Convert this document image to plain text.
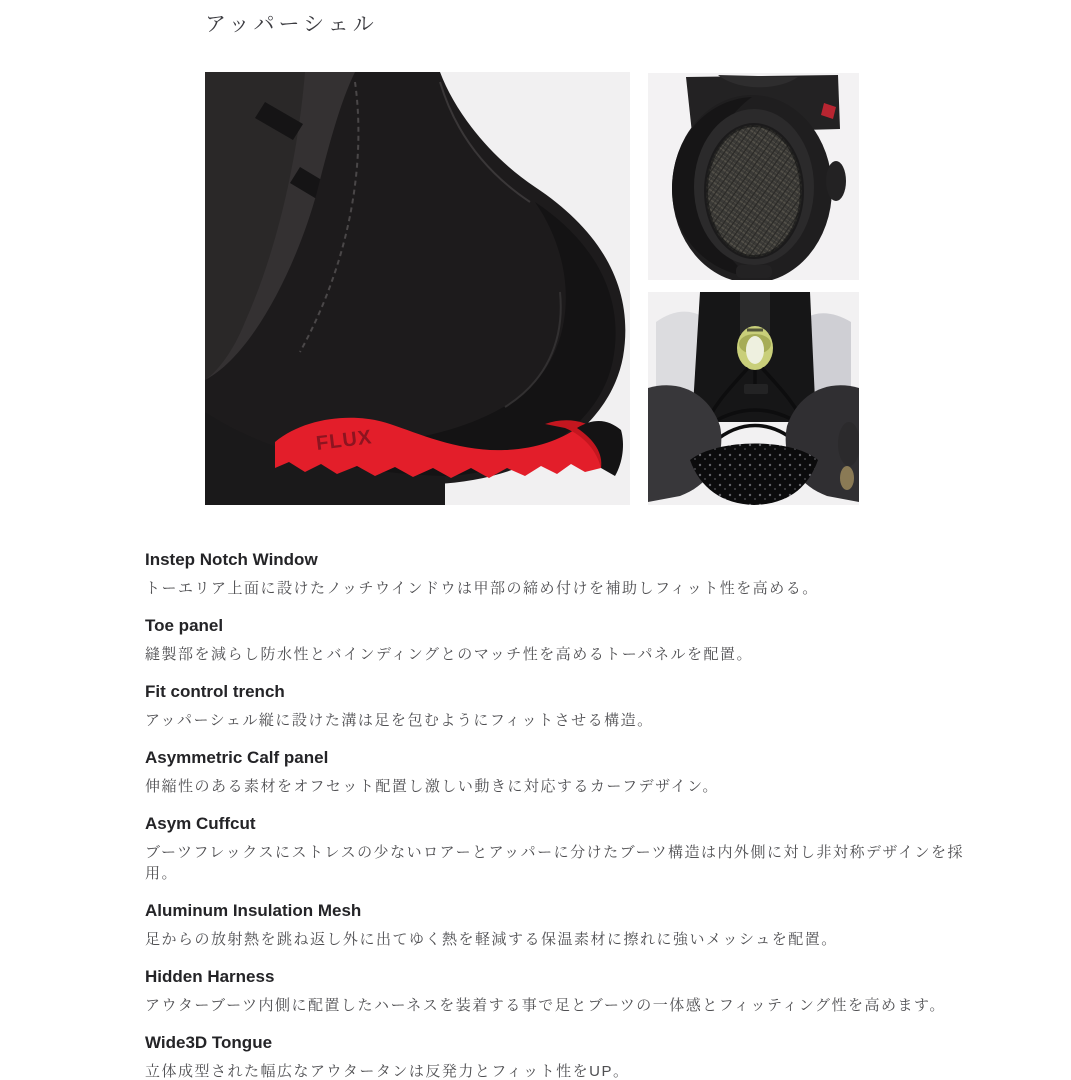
アッパーシェル
FLUX
Instep Notch Window

トーエリア上面に設けたノッチウインドウは甲部の締め付けを補助しフィット性を高める。

Toe panel

縫製部を減らし防水性とバインディングとのマッチ性を高めるトーパネルを配置。

Fit control trench

アッパーシェル縦に設けた溝は足を包むようにフィットさせる構造。

Asymmetric Calf panel

伸縮性のある素材をオフセット配置し激しい動きに対応するカーフデザイン。

Asym Cuffcut

ブーツフレックスにストレスの少ないロアーとアッパーに分けたブーツ構造は内外側に対し非対称デザインを採用。

Aluminum Insulation Mesh

足からの放射熱を跳ね返し外に出てゆく熱を軽減する保温素材に擦れに強いメッシュを配置。

Hidden Harness

アウターブーツ内側に配置したハーネスを装着する事で足とブーツの一体感とフィッティング性を高めます。

Wide3D Tongue

立体成型された幅広なアウタータンは反発力とフィット性をUP。
